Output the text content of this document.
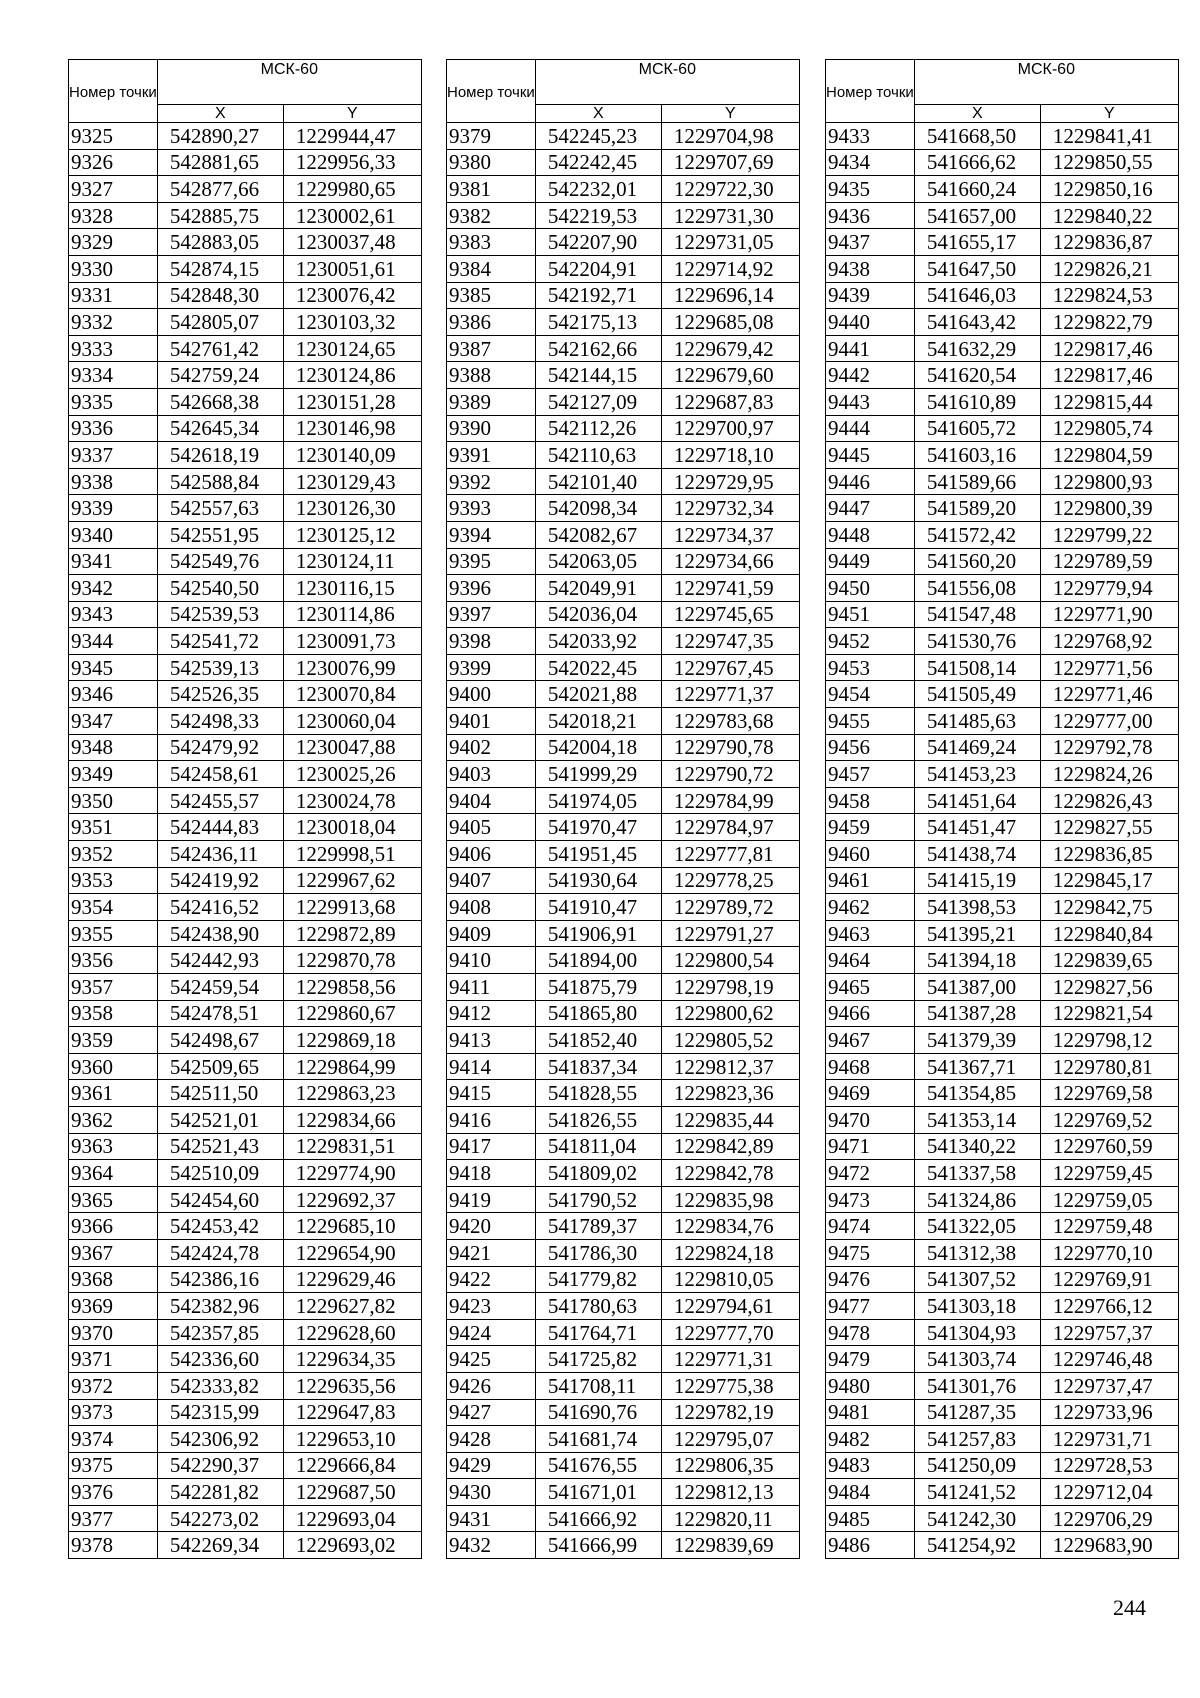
Номер точки	МСК-60	
	X	Y
9325	542890,27	1229944,47
9326	542881,65	1229956,33
9327	542877,66	1229980,65
9328	542885,75	1230002,61
9329	542883,05	1230037,48
9330	542874,15	1230051,61
9331	542848,30	1230076,42
9332	542805,07	1230103,32
9333	542761,42	1230124,65
9334	542759,24	1230124,86
9335	542668,38	1230151,28
9336	542645,34	1230146,98
9337	542618,19	1230140,09
9338	542588,84	1230129,43
9339	542557,63	1230126,30
9340	542551,95	1230125,12
9341	542549,76	1230124,11
9342	542540,50	1230116,15
9343	542539,53	1230114,86
9344	542541,72	1230091,73
9345	542539,13	1230076,99
9346	542526,35	1230070,84
9347	542498,33	1230060,04
9348	542479,92	1230047,88
9349	542458,61	1230025,26
9350	542455,57	1230024,78
9351	542444,83	1230018,04
9352	542436,11	1229998,51
9353	542419,92	1229967,62
9354	542416,52	1229913,68
9355	542438,90	1229872,89
9356	542442,93	1229870,78
9357	542459,54	1229858,56
9358	542478,51	1229860,67
9359	542498,67	1229869,18
9360	542509,65	1229864,99
9361	542511,50	1229863,23
9362	542521,01	1229834,66
9363	542521,43	1229831,51
9364	542510,09	1229774,90
9365	542454,60	1229692,37
9366	542453,42	1229685,10
9367	542424,78	1229654,90
9368	542386,16	1229629,46
9369	542382,96	1229627,82
9370	542357,85	1229628,60
9371	542336,60	1229634,35
9372	542333,82	1229635,56
9373	542315,99	1229647,83
9374	542306,92	1229653,10
9375	542290,37	1229666,84
9376	542281,82	1229687,50
9377	542273,02	1229693,04
9378	542269,34	1229693,02
Номер точки	МСК-60	
	X	Y
9379	542245,23	1229704,98
9380	542242,45	1229707,69
9381	542232,01	1229722,30
9382	542219,53	1229731,30
9383	542207,90	1229731,05
9384	542204,91	1229714,92
9385	542192,71	1229696,14
9386	542175,13	1229685,08
9387	542162,66	1229679,42
9388	542144,15	1229679,60
9389	542127,09	1229687,83
9390	542112,26	1229700,97
9391	542110,63	1229718,10
9392	542101,40	1229729,95
9393	542098,34	1229732,34
9394	542082,67	1229734,37
9395	542063,05	1229734,66
9396	542049,91	1229741,59
9397	542036,04	1229745,65
9398	542033,92	1229747,35
9399	542022,45	1229767,45
9400	542021,88	1229771,37
9401	542018,21	1229783,68
9402	542004,18	1229790,78
9403	541999,29	1229790,72
9404	541974,05	1229784,99
9405	541970,47	1229784,97
9406	541951,45	1229777,81
9407	541930,64	1229778,25
9408	541910,47	1229789,72
9409	541906,91	1229791,27
9410	541894,00	1229800,54
9411	541875,79	1229798,19
9412	541865,80	1229800,62
9413	541852,40	1229805,52
9414	541837,34	1229812,37
9415	541828,55	1229823,36
9416	541826,55	1229835,44
9417	541811,04	1229842,89
9418	541809,02	1229842,78
9419	541790,52	1229835,98
9420	541789,37	1229834,76
9421	541786,30	1229824,18
9422	541779,82	1229810,05
9423	541780,63	1229794,61
9424	541764,71	1229777,70
9425	541725,82	1229771,31
9426	541708,11	1229775,38
9427	541690,76	1229782,19
9428	541681,74	1229795,07
9429	541676,55	1229806,35
9430	541671,01	1229812,13
9431	541666,92	1229820,11
9432	541666,99	1229839,69
Номер точки	МСК-60	
	X	Y
9433	541668,50	1229841,41
9434	541666,62	1229850,55
9435	541660,24	1229850,16
9436	541657,00	1229840,22
9437	541655,17	1229836,87
9438	541647,50	1229826,21
9439	541646,03	1229824,53
9440	541643,42	1229822,79
9441	541632,29	1229817,46
9442	541620,54	1229817,46
9443	541610,89	1229815,44
9444	541605,72	1229805,74
9445	541603,16	1229804,59
9446	541589,66	1229800,93
9447	541589,20	1229800,39
9448	541572,42	1229799,22
9449	541560,20	1229789,59
9450	541556,08	1229779,94
9451	541547,48	1229771,90
9452	541530,76	1229768,92
9453	541508,14	1229771,56
9454	541505,49	1229771,46
9455	541485,63	1229777,00
9456	541469,24	1229792,78
9457	541453,23	1229824,26
9458	541451,64	1229826,43
9459	541451,47	1229827,55
9460	541438,74	1229836,85
9461	541415,19	1229845,17
9462	541398,53	1229842,75
9463	541395,21	1229840,84
9464	541394,18	1229839,65
9465	541387,00	1229827,56
9466	541387,28	1229821,54
9467	541379,39	1229798,12
9468	541367,71	1229780,81
9469	541354,85	1229769,58
9470	541353,14	1229769,52
9471	541340,22	1229760,59
9472	541337,58	1229759,45
9473	541324,86	1229759,05
9474	541322,05	1229759,48
9475	541312,38	1229770,10
9476	541307,52	1229769,91
9477	541303,18	1229766,12
9478	541304,93	1229757,37
9479	541303,74	1229746,48
9480	541301,76	1229737,47
9481	541287,35	1229733,96
9482	541257,83	1229731,71
9483	541250,09	1229728,53
9484	541241,52	1229712,04
9485	541242,30	1229706,29
9486	541254,92	1229683,90
244
